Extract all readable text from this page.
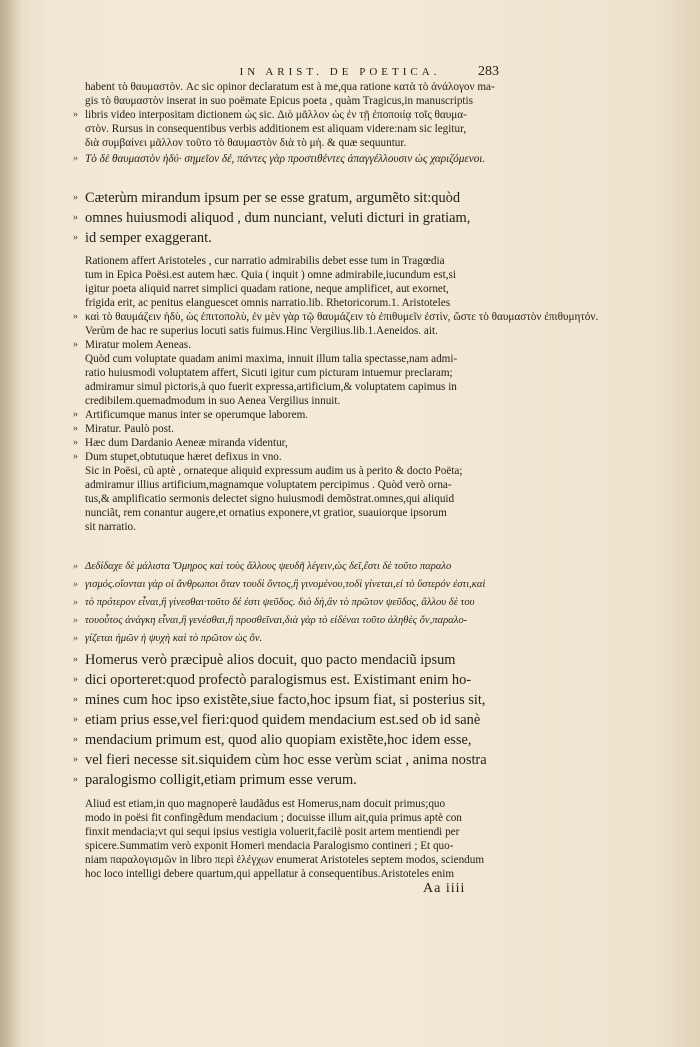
IN ARIST. DE POETICA.	283
habent τὸ θαυμαστὸν. Ac sic opinor declaratum est à me,qua ratione κατὰ τὸ ἀνάλογον ma-
gis τὸ θαυμαστὸν inserat in suo poëmate Epicus poeta , quàm Tragicus,in manuscriptis
» libris video interpositam dictionem ὡς sic. Διὸ μᾶλλον ὡς ἐν τῇ ἐποποιίᾳ τοῖς θαυμα-
στὸν. Rursus in consequentibus verbis additionem est aliquam videre:nam sic legitur,
διὰ συμβαίνει μᾶλλον τοῦτο τὸ θαυμαστὸν διὰ τὸ μὴ. & quæ sequuntur.
» Τὸ δὲ θαυμαστὸν ἡδύ· σημεῖον δέ, πάντες γὰρ προστιθέντες ἀπαγγέλλουσιν ὡς χαριζόμενοι.
» Cæterùm mirandum ipsum per se esse gratum, argumẽto sit:quòd
» omnes huiusmodi aliquod , dum nunciant, veluti dicturi in gratiam,
» id semper exaggerant.
Rationem affert Aristoteles , cur narratio admirabilis debet esse tum in Tragœdia
tum in Epica Poësi.est autem hæc. Quia ( inquit ) omne admirabile,iucundum est,si
igitur poeta aliquid narret simplici quadam ratione, neque amplificet, aut exornet,
frigida erit, ac penitus elanguescet omnis narratio.lib. Rhetoricorum.1. Aristoteles
» καὶ τὸ θαυμάζειν ἡδὺ, ὡς ἐπιτοπολὺ, ἐν μὲν γὰρ τῷ θαυμάζειν τὸ ἐπιθυμεῖν ἐστὶν, ὥστε τὸ θαυμαστὸν ἐπιθυμητόν.
Verùm de hac re superius locuti satis fuimus.Hinc Vergilius.lib.1.Aeneidos. ait.
» Miratur molem Aeneas.
Quòd cum voluptate quadam animi maxima, innuit illum talia spectasse,nam admi-
ratio huiusmodi voluptatem affert, Sicuti igitur cum picturam intuemur preclaram;
admiramur simul pictoris,à quo fuerit expressa,artificium,& voluptatem capimus in
credibilem.quemadmodum in suo Aenea Vergilius innuit.
» Artificumque manus inter se operumque laborem.
» Miratur. Paulò post.
» Hæc dum Dardanio Aeneæ miranda videntur,
» Dum stupet,obtutuque hæret defixus in vno.
Sic in Poësi, cũ aptè , ornateque aliquid expressum audim us à perito & docto Poëta;
admiramur illius artificium,magnamque voluptatem percipimus . Quòd verò orna-
tus,& amplificatio sermonis delectet signo huiusmodi demõstrat.omnes,qui aliquid
nunciãt, rem conantur augere,et ornatius exponere,vt gratior, suauiorque ipsorum
sit narratio.
» Δεδίδαχε δὲ μάλιστα Ὅμηρος καὶ τοὺς ἄλλους ψευδῆ λέγειν,ὡς δεῖ,ἔστι δὲ τοῦτο παραλο
» γισμός.οἴονται γὰρ οἱ ἄνθρωποι ὅταν τουδὶ ὄντος,ἢ γινομένου,τοδὶ γίνεται,εἰ τὸ ὕστερόν ἐστι,καὶ
» τὸ πρότερον εἶναι,ἢ γίνεσθαι·τοῦτο δέ ἐστι ψεῦδος. διὸ δὴ,ἂν τὸ πρῶτον ψεῦδος, ἄλλου δὲ του
» τουοὗτος ἀνάγκη εἶναι,ἢ γενέσθαι,ἢ προσθεῖναι,διὰ γὰρ τὸ εἰδέναι τοῦτο ἀληθὲς ὄν,παραλο-
» γίζεται ἡμῶν ἡ ψυχὴ καὶ τὸ πρῶτον ὡς ὄν.
» Homerus verò præcipuè alios docuit, quo pacto mendaciũ ipsum
» dici oporteret:quod profectò paralogismus est. Existimant enim ho-
» mines cum hoc ipso existẽte,siue facto,hoc ipsum fiat, si posterius sit,
» etiam prius esse,vel fieri:quod quidem mendacium est.sed ob id sanè
» mendacium primum est, quod alio quopiam existẽte,hoc idem esse,
» vel fieri necesse sit.siquidem cùm hoc esse verùm sciat , anima nostra
» paralogismo colligit,etiam primum esse verum.
Aliud est etiam,in quo magnoperè laudãdus est Homerus,nam docuit primus;quo
modo in poësi fit confingẽdum mendacium ; docuisse illum ait,quia primus aptè con
finxit mendacia;vt qui sequi ipsius vestigia voluerit,facilè posit artem mentiendi per
spicere.Summatim verò exponit Homeri mendacia Paralogismo contineri ; Et quo-
niam παραλογισμῶν in libro περὶ ἐλέγχων enumerat Aristoteles septem modos, sciendum
hoc loco intelligi debere quartum,qui appellatur à consequentibus.Aristoteles enim
Aa iiii
